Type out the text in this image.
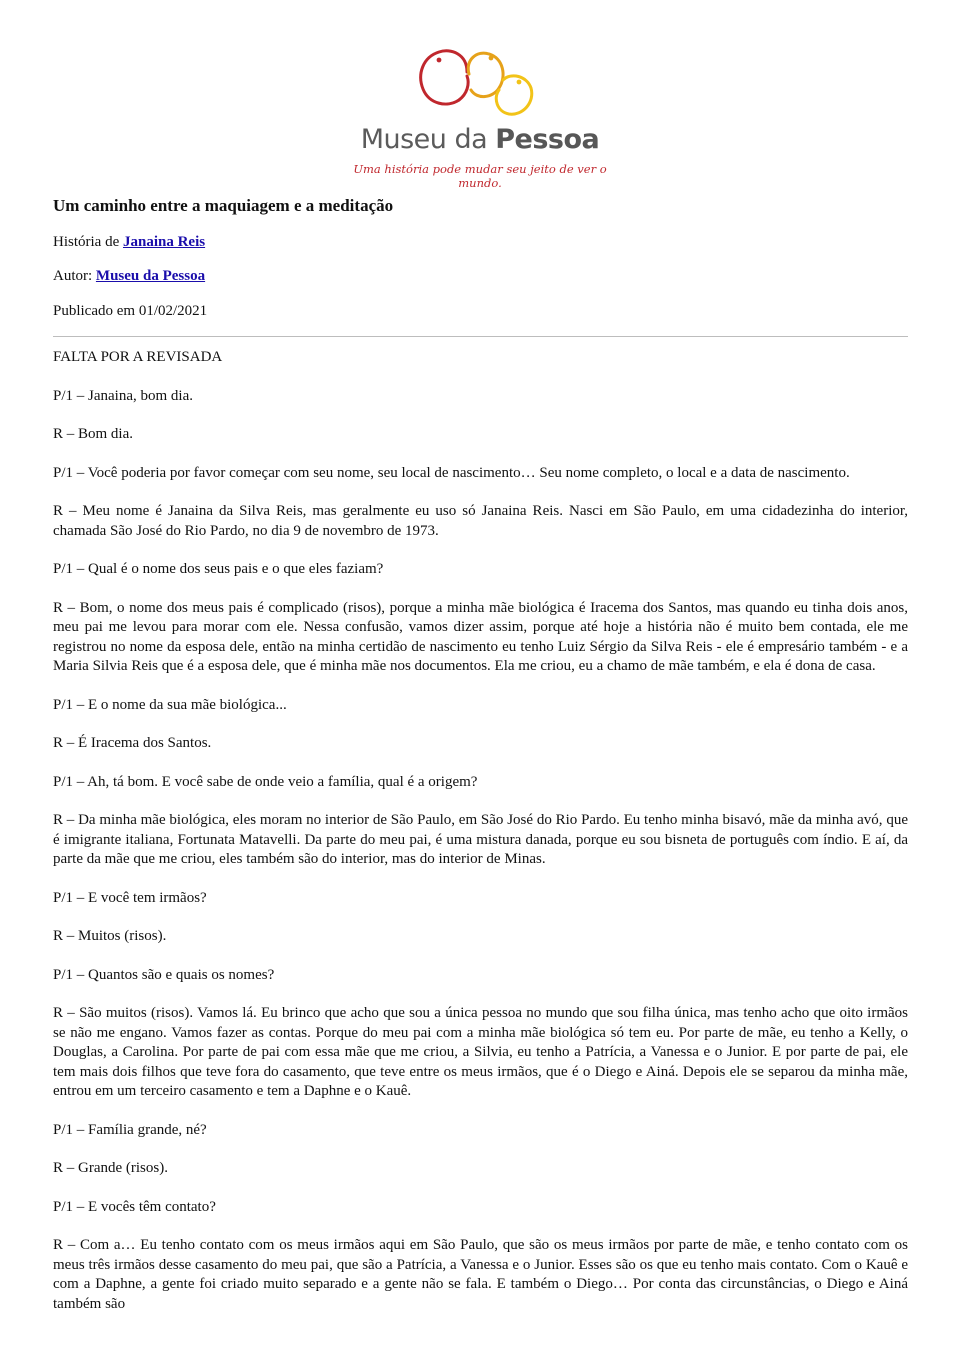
Museu da Pessoa
Uma história pode mudar seu jeito de ver o mundo.
Um caminho entre a maquiagem e a meditação
História de Janaina Reis
Autor: Museu da Pessoa
Publicado em 01/02/2021

FALTA POR A REVISADA

P/1 – Janaina, bom dia.

R – Bom dia.

P/1 – Você poderia por favor começar com seu nome, seu local de nascimento… Seu nome completo, o local e a data de nascimento.

R – Meu nome é Janaina da Silva Reis, mas geralmente eu uso só Janaina Reis. Nasci em São Paulo, em uma cidadezinha do interior, chamada São José do Rio Pardo, no dia 9 de novembro de 1973.

P/1 – Qual é o nome dos seus pais e o que eles faziam?

R – Bom, o nome dos meus pais é complicado (risos), porque a minha mãe biológica é Iracema dos Santos, mas quando eu tinha dois anos, meu pai me levou para morar com ele. Nessa confusão, vamos dizer assim, porque até hoje a história não é muito bem contada, ele me registrou no nome da esposa dele, então na minha certidão de nascimento eu tenho Luiz Sérgio da Silva Reis - ele é empresário também - e a Maria Silvia Reis que é a esposa dele, que é minha mãe nos documentos. Ela me criou, eu a chamo de mãe também, e ela é dona de casa.

P/1 – E o nome da sua mãe biológica...

R – É Iracema dos Santos.

P/1 – Ah, tá bom. E você sabe de onde veio a família, qual é a origem?

R – Da minha mãe biológica, eles moram no interior de São Paulo, em São José do Rio Pardo. Eu tenho minha bisavó, mãe da minha avó, que é imigrante italiana, Fortunata Matavelli. Da parte do meu pai, é uma mistura danada, porque eu sou bisneta de português com índio. E aí, da parte da mãe que me criou, eles também são do interior, mas do interior de Minas.

P/1 – E você tem irmãos?

R – Muitos (risos).

P/1 – Quantos são e quais os nomes?

R – São muitos (risos). Vamos lá. Eu brinco que acho que sou a única pessoa no mundo que sou filha única, mas tenho acho que oito irmãos se não me engano. Vamos fazer as contas. Porque do meu pai com a minha mãe biológica só tem eu. Por parte de mãe, eu tenho a Kelly, o Douglas, a Carolina. Por parte de pai com essa mãe que me criou, a Silvia, eu tenho a Patrícia, a Vanessa e o Junior. E por parte de pai, ele tem mais dois filhos que teve fora do casamento, que teve entre os meus irmãos, que é o Diego e Ainá. Depois ele se separou da minha mãe, entrou em um terceiro casamento e tem a Daphne e o Kauê.

P/1 – Família grande, né?

R – Grande (risos).

P/1 – E vocês têm contato?

R – Com a… Eu tenho contato com os meus irmãos aqui em São Paulo, que são os meus irmãos por parte de mãe, e tenho contato com os meus três irmãos desse casamento do meu pai, que são a Patrícia, a Vanessa e o Junior. Esses são os que eu tenho mais contato. Com o Kauê e com a Daphne, a gente foi criado muito separado e a gente não se fala. E também o Diego… Por conta das circunstâncias, o Diego e Ainá também são
